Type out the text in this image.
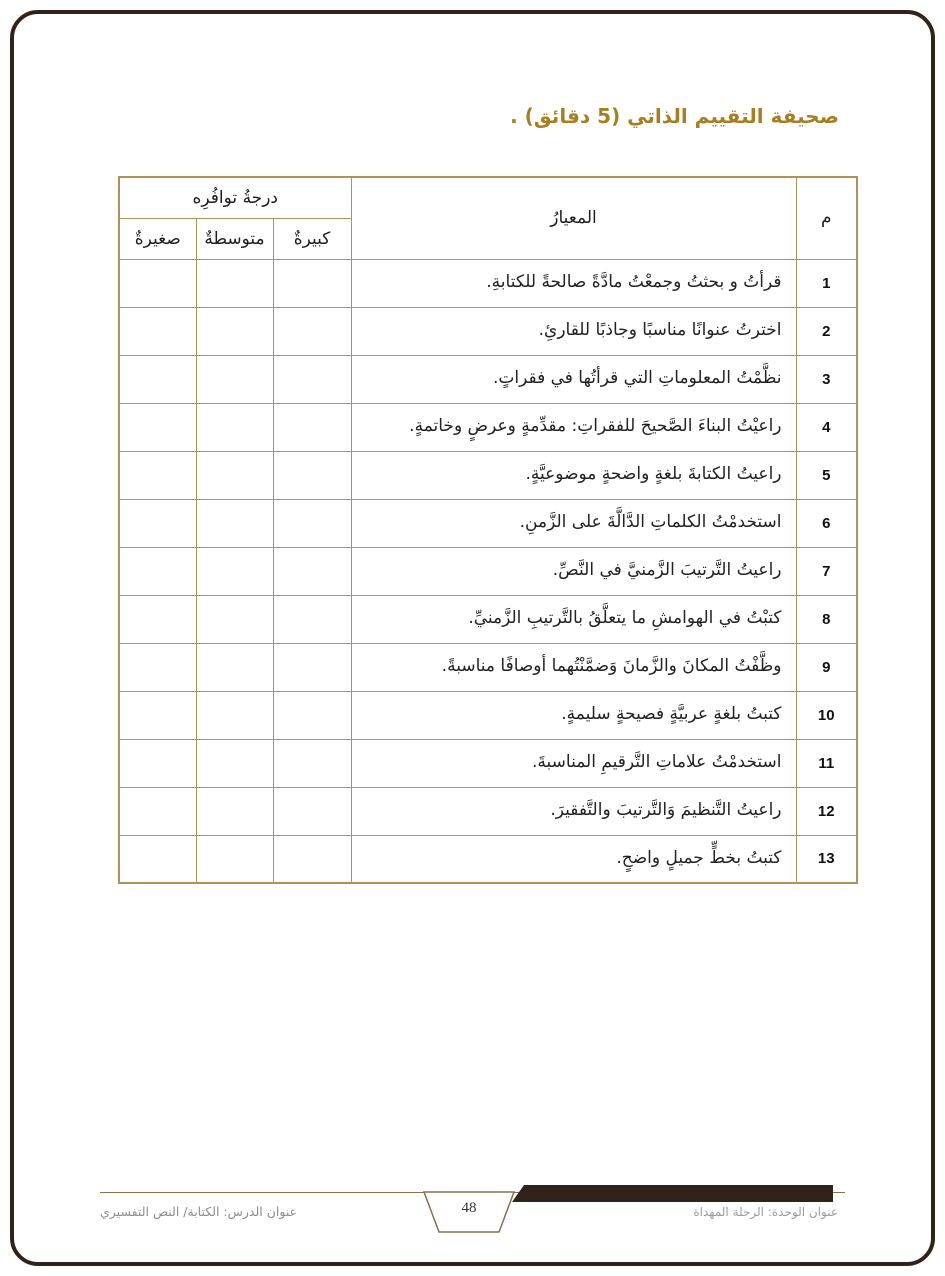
صحيفة التقييم الذاتي (5 دقائق) .
م	المعيارُ	درجةُ توافُرِه		
		كبيرةٌ	متوسطةٌ	صغيرةٌ
1	قرأتُ و بحثتُ وجمعْتُ مادَّةً صالحةً للكتابةِ.			
2	اخترتُ عنوانًا مناسبًا وجاذبًا للقارئِ.			
3	نظَّمْتُ المعلوماتِ التي قرأتُها في فقراتٍ.			
4	راعيْتُ البناءَ الصَّحيحَ للفقراتِ: مقدِّمةٍ وعرضٍ وخاتمةٍ.			
5	راعيتُ الكتابةَ بلغةٍ واضحةٍ موضوعيَّةٍ.			
6	استخدمْتُ الكلماتِ الدَّالَّةَ على الزَّمنِ.			
7	راعيتُ التَّرتيبَ الزَّمنيَّ في النَّصِّ.			
8	كتبْتُ في الهوامشِ ما يتعلَّقُ بالتَّرتيبِ الزَّمنيِّ.			
9	وظَّفْتُ المكانَ والزَّمانَ وَضمَّنْتُهما أوصافًا مناسبةً.			
10	كتبتُ بلغةٍ عربيَّةٍ فصيحةٍ سليمةٍ.			
11	استخدمْتُ علاماتِ التَّرقيمِ المناسبةَ.			
12	راعيتُ التَّنظيمَ وَالتَّرتيبَ والتَّفقيرَ.			
13	كتبتُ بخطٍّ جميلٍ واضحٍ.			
48	عنوان الوحدة: الرحلة المهداة
عنوان الدرس: الكتابة/ النص التفسيري
